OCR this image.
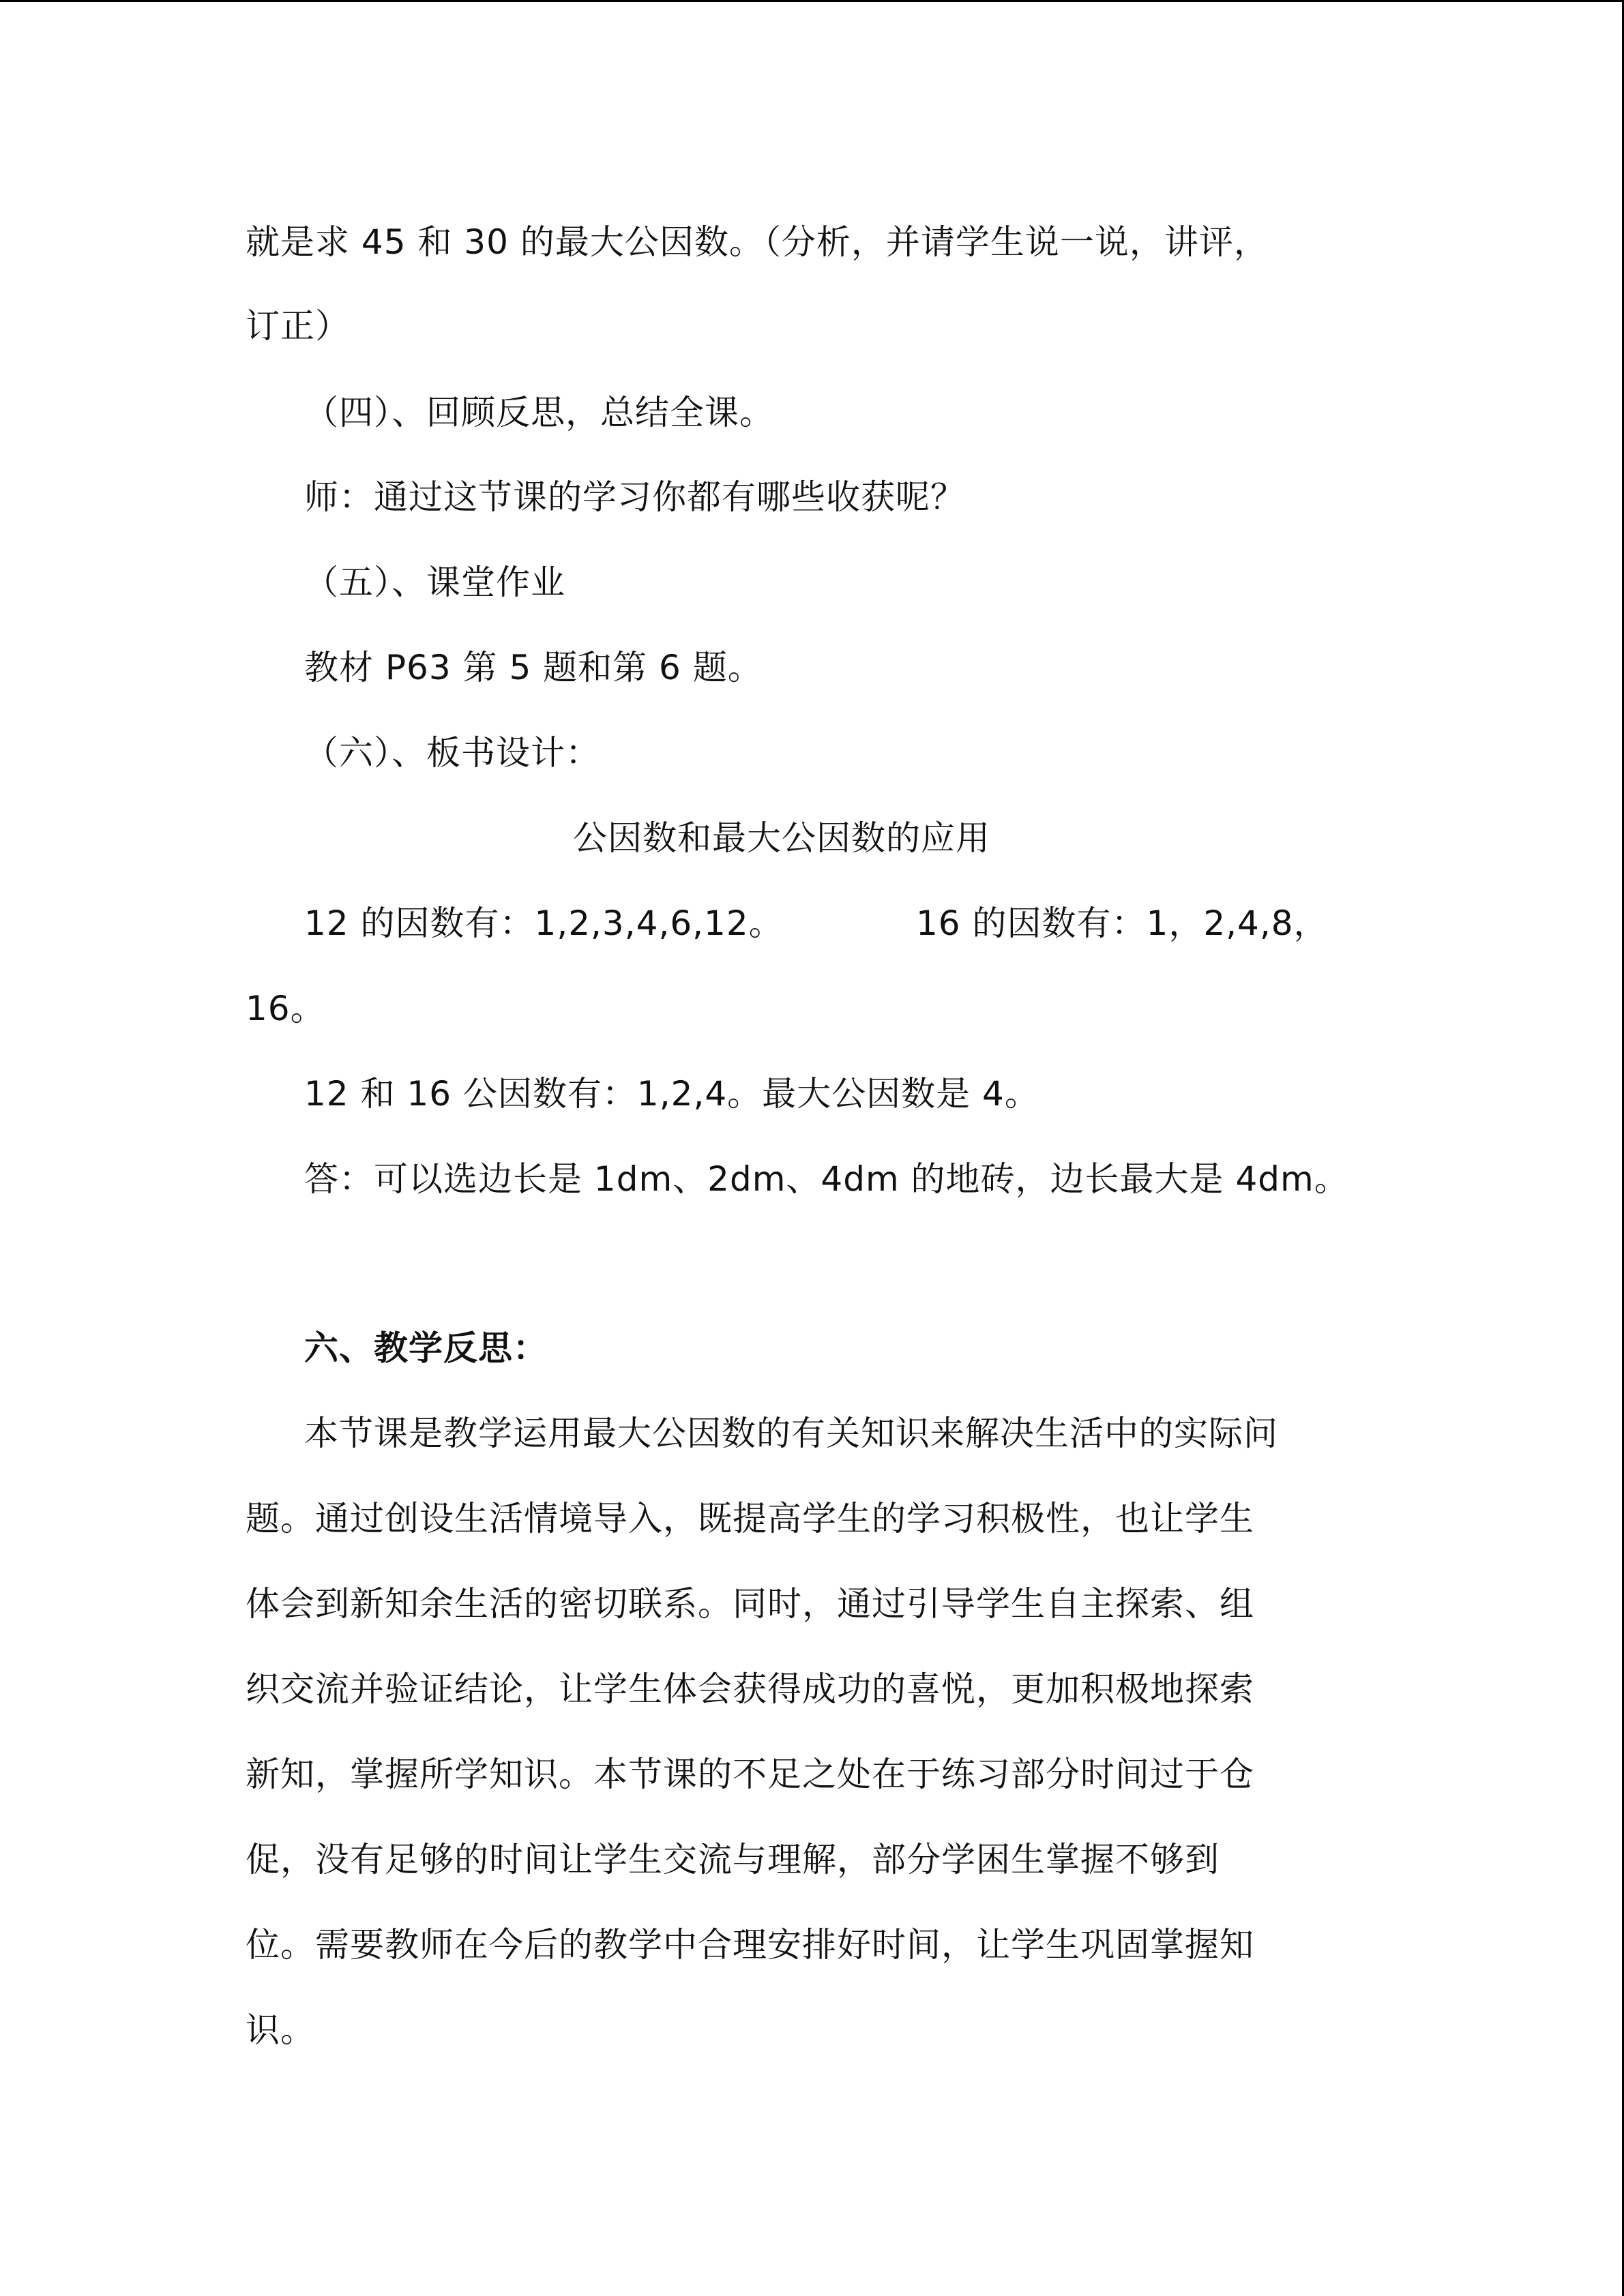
就是求 45 和 30 的最大公因数。（分析，并请学生说一说，讲评，
订正）
（四）、回顾反思，总结全课。
师：通过这节课的学习你都有哪些收获呢？
（五）、课堂作业
教材 P63 第 5 题和第 6 题。
（六）、板书设计：
公因数和最大公因数的应用
12 的因数有：1,2,3,4,6,12。	16 的因数有：1，2,4,8，
16。
12 和 16 公因数有：1,2,4。最大公因数是 4。
答：可以选边长是 1dm、2dm、4dm 的地砖，边长最大是 4dm。
六、教学反思：
本节课是教学运用最大公因数的有关知识来解决生活中的实际问
题。通过创设生活情境导入，既提高学生的学习积极性，也让学生
体会到新知余生活的密切联系。同时，通过引导学生自主探索、组
织交流并验证结论，让学生体会获得成功的喜悦，更加积极地探索
新知，掌握所学知识。本节课的不足之处在于练习部分时间过于仓
促，没有足够的时间让学生交流与理解，部分学困生掌握不够到
位。需要教师在今后的教学中合理安排好时间，让学生巩固掌握知
识。
